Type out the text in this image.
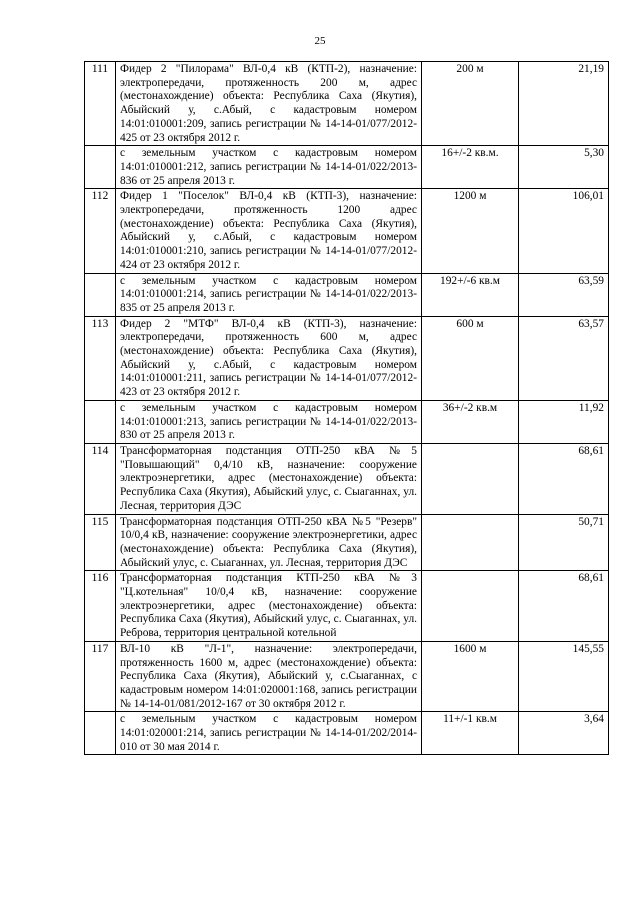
25
111	Фидер 2 "Пилорама" ВЛ-0,4 кВ (КТП-2), назначение: электропередачи, протяженность 200 м, адрес (местонахождение) объекта: Республика Саха (Якутия), Абыйский у, с.Абый, с кадастровым номером 14:01:010001:209, запись регистрации № 14-14-01/077/2012-425 от 23 октября 2012 г.	200 м	21,19
	с земельным участком с кадастровым номером 14:01:010001:212, запись регистрации № 14-14-01/022/2013-836 от 25 апреля 2013 г.	16+/-2 кв.м.	5,30
112	Фидер 1 "Поселок" ВЛ-0,4 кВ (КТП-3), назначение: электропередачи, протяженность 1200 адрес (местонахождение) объекта: Республика Саха (Якутия), Абыйский у, с.Абый, с кадастровым номером 14:01:010001:210, запись регистрации № 14-14-01/077/2012-424 от 23 октября 2012 г.	1200 м	106,01
	с земельным участком с кадастровым номером 14:01:010001:214, запись регистрации № 14-14-01/022/2013-835 от 25 апреля 2013 г.	192+/-6 кв.м	63,59
113	Фидер 2 "МТФ" ВЛ-0,4 кВ (КТП-3), назначение: электропередачи, протяженность 600 м, адрес (местонахождение) объекта: Республика Саха (Якутия), Абыйский у, с.Абый, с кадастровым номером 14:01:010001:211, запись регистрации № 14-14-01/077/2012-423 от 23 октября 2012 г.	600 м	63,57
	с земельным участком с кадастровым номером 14:01:010001:213, запись регистрации № 14-14-01/022/2013-830 от 25 апреля 2013 г.	36+/-2 кв.м	11,92
114	Трансформаторная подстанция ОТП-250 кВА №5 "Повышающий" 0,4/10 кВ, назначение: сооружение электроэнергетики, адрес (местонахождение) объекта: Республика Саха (Якутия), Абыйский улус, с. Сыаганнах, ул. Лесная, территория ДЭС		68,61
115	Трансформаторная подстанция ОТП-250 кВА №5 "Резерв" 10/0,4 кВ, назначение: сооружение электроэнергетики, адрес (местонахождение) объекта: Республика Саха (Якутия), Абыйский улус, с. Сыаганнах, ул. Лесная, территория ДЭС		50,71
116	Трансформаторная подстанция КТП-250 кВА №3 "Ц.котельная" 10/0,4 кВ, назначение: сооружение электроэнергетики, адрес (местонахождение) объекта: Республика Саха (Якутия), Абыйский улус, с. Сыаганнах, ул. Реброва, территория центральной котельной		68,61
117	ВЛ-10 кВ "Л-1", назначение: электропередачи, протяженность 1600 м, адрес (местонахождение) объекта: Республика Саха (Якутия), Абыйский у, с.Сыаганнах, с кадастровым номером 14:01:020001:168, запись регистрации № 14-14-01/081/2012-167 от 30 октября 2012 г.	1600 м	145,55
	с земельным участком с кадастровым номером 14:01:020001:214, запись регистрации № 14-14-01/202/2014-010 от 30 мая 2014 г.	11+/-1 кв.м	3,64
